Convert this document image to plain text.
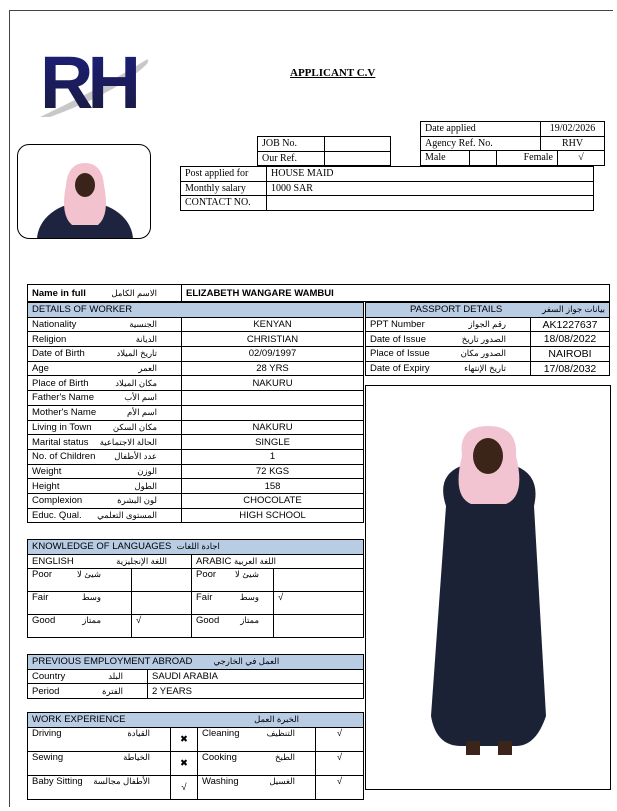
RH	APPLICANT C.V
JOB No.	
Our Ref.	
Date applied			19/02/2026	
Agency Ref. No.			RHV	
Male		Female		√
Post applied for	HOUSE MAID
Monthly salary	1000 SAR
CONTACT NO.	
Name in full	الاسم الكامل	ELIZABETH WANGARE WAMBUI
DETAILS OF WORKER	
Nationality الجنسية	KENYAN
Religion الديانة	CHRISTIAN
Date of Birth تاريخ الميلاد	02/09/1997
Age العمر	28 YRS
Place of Birth مكان الميلاد	NAKURU
Father's Name اسم الأب	

Mother's Name اسم الأم	

Living in Town مكان السكن	NAKURU
Marital status الحالة الاجتماعية	SINGLE
No. of Children عدد الأطفال	1
Weight الوزن	72 KGS
Height الطول	158
Complexion لون البشرة	CHOCOLATE
Educ. Qual. المستوى التعلمي	HIGH SCHOOL
PASSPORT DETAILS بيانات جواز السفر	

PPT Number رقم الجواز	AK1227637
Date of Issue الصدور تاريخ	18/08/2022
Place of Issue الصدور مكان	NAIROBI
Date of Expiry تاريخ الإنتهاء	17/08/2032
KNOWLEDGE OF LANGUAGES اجادة اللغات			
ENGLISH اللغة الإنجليزية		ARABIC اللغة العربية	
Poor شيئ لا		Poor شيئ لا	

Fair وسط		Fair وسط	√
Good ممتاز	√	Good ممتاز	

PREVIOUS EMPLOYMENT ABROAD العمل في الخارجي	
Country البلد	SAUDI ARABIA
Period الفترة	2 YEARS
WORK EXPERIENCE الخبرة العمل			

Driving القيادة	✖	Cleaning التنظيف	√
Sewing الخياطة	✖	Cooking الطبخ	√
Baby Sitting الأطفال مجالسة	√	Washing الغسيل	√
